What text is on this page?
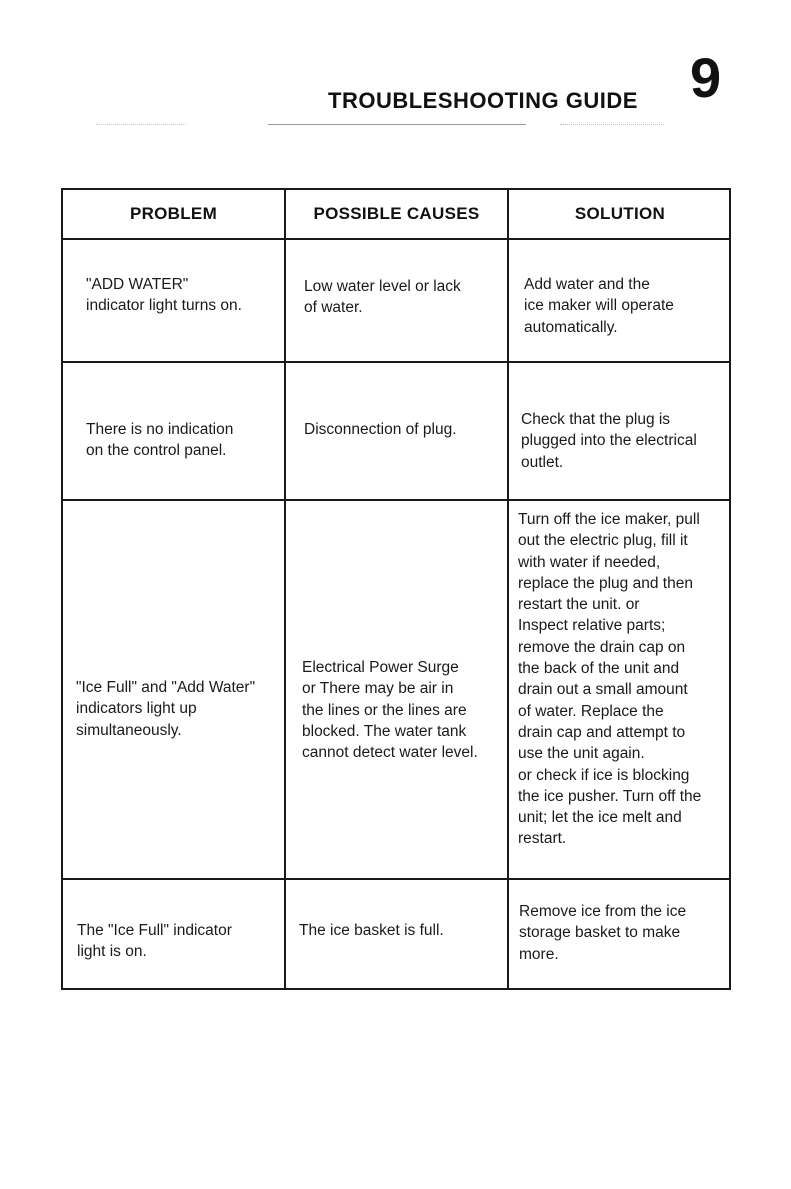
TROUBLESHOOTING GUIDE 9
PROBLEM	POSSIBLE CAUSES	SOLUTION
"ADD WATER"
indicator light turns on.
Low water level or lack
of water.
Add water and the
ice maker will operate
automatically.
There is no indication
on the control panel.
Disconnection of plug.
Check that the plug is
plugged into the electrical
outlet.
"Ice Full" and "Add Water"
indicators light up
simultaneously.
Electrical Power Surge
or There may be air in
the lines or the lines are
blocked. The water tank
cannot detect water level.
Turn off the ice maker, pull
out the electric plug, fill it
with water if needed,
replace the plug and then
restart the unit. or
Inspect relative parts;
remove the drain cap on
the back of the unit and
drain out a small amount
of water. Replace the
drain cap and attempt to
use the unit again.
or check if ice is blocking
the ice pusher. Turn off the
unit; let the ice melt and
restart.
The "Ice Full" indicator
light is on.
The ice basket is full.
Remove ice from the ice
storage basket to make
more.
